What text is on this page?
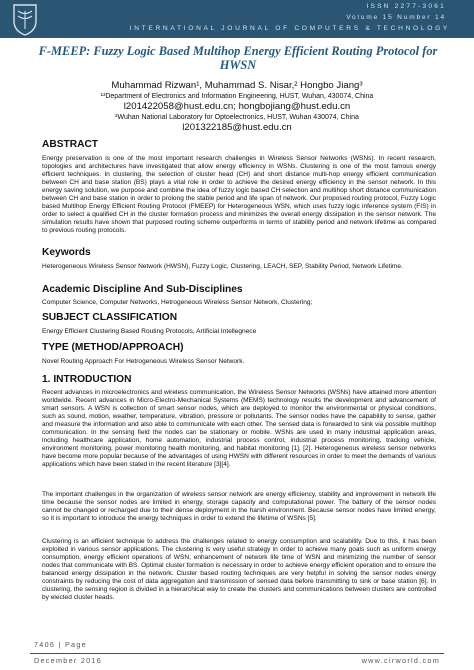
ISSN 2277-3061
Volume 15 Number 14
INTERNATIONAL JOURNAL OF COMPUTERS & TECHNOLOGY
F-MEEP: Fuzzy Logic Based Multihop Energy Efficient Routing Protocol for HWSN
Muhammad Rizwan¹, Muhammad S. Nisar,² Hongbo Jiang³
¹³Department of Electronics and Information Engineering, HUST, Wuhan, 430074, China
l201422058@hust.edu.cn; hongbojiang@hust.edu.cn
²Wuhan National Laboratory for Optoelectronics, HUST, Wuhan 430074, China
l201322185@hust.edu.cn
ABSTRACT

Energy preservation is one of the most important research challenges in Wireless Sensor Networks (WSNs). In recent research, topologies and architectures have investigated that allow energy efficiency in WSNs. Clustering is one of the most famous energy efficient techniques. In clustering, the selection of cluster head (CH) and short distance multi-hop energy efficient communication between CH and base station (BS) plays a vital role in order to achieve the desired energy efficiency in the sensor network. In this energy saving solution, we purpose and combine the idea of fuzzy logic based CH selection and multihop short distance communication between CH and base station in order to prolong the stable period and life span of network. Our proposed routing protocol, Fuzzy Logic based Multihop Energy Efficient Routing Protocol (FMEEP) for Heterogeneous WSN, which uses fuzzy logic inference system (FIS) in order to select a qualified CH in the cluster formation process and minimizes the overall energy dissipation in the sensor network. The simulation results have shown that purposed routing scheme outperforms in terms of stability period and network lifetime as compared to previous routing protocols.

Keywords

Heterogeneous Wireless Sensor Network (HWSN), Fuzzy Logic, Clustering, LEACH, SEP, Stability Period, Network Lifetime.

Academic Discipline And Sub-Disciplines

Computer Science, Computer Networks, Hetrogeneous Wireless Sensor Network, Clustering;

SUBJECT CLASSIFICATION

Energy Efficient Clustering Based Routing Protocols, Artificial Intellegnece

TYPE (METHOD/APPROACH)

Novel Routing Approach For Hetrogeneous Wireless Sensor Network.

1. INTRODUCTION

Recent advances in microelectronics and wireless communication, the Wireless Sensor Networks (WSNs) have attained more attention worldwide. Recent advances in Micro-Electro-Mechanical Systems (MEMS) technology results the development and advancement of smart sensors. A WSN is collection of smart sensor nodes, which are deployed to monitor the environmental or physical conditions, such as sound, motion, weather, temperature, vibration, pressure or pollutants. The sensor nodes have the capability to sense, gather and measure the information and also able to communicate with each other. The sensed data is forwarded to sink via possible multihop communication. In the sensing field the nodes can be stationary or mobile. WSNs are used in many industrial application areas, including healthcare application, home automation, industrial process control, industrial process monitoring, tracking vehicle, environment monitoring, power monitoring health monitoring, and habitat monitoring [1], [2]. Heterogeneous wireless sensor networks have become more popular because of the advantages of using HWSN with different resources in order to meet the demands of various applications which have been stated in the recent literature [3][4].

The important challenges in the organization of wireless sensor network are energy efficiency, stability and improvement in network life time because the sensor nodes are limited in energy, storage capacity and computational power. The battery of the sensor nodes cannot be changed or recharged due to their dense deployment in the harsh environment. Because sensor nodes have limited energy, so it is important to introduce the energy techniques in order to extend the lifetime of WSNs [5].

Clustering is an efficient technique to address the challenges related to energy consumption and scalability. Due to this, it has been exploited in various sensor applications. The clustering is very useful strategy in order to achieve many goals such as uniform energy consumption, energy efficient operations of WSN, enhancement of network life time of WSN and minimizing the number of sensor nodes that communicate with BS. Optimal cluster formation is necessary in order to achieve energy efficient operation and to ensure the balanced energy dissipation in the network. Cluster based routing techniques are very helpful in solving the sensor nodes energy constraints by reducing the cost of data aggregation and transmission of sensed data before transmitting to sink or base station [6]. In clustering, the sensing region is divided in a hierarchical way to create the clusters and communications between clusters are controlled by elected cluster heads.

7406 | Page
December 2016	www.cirworld.com
